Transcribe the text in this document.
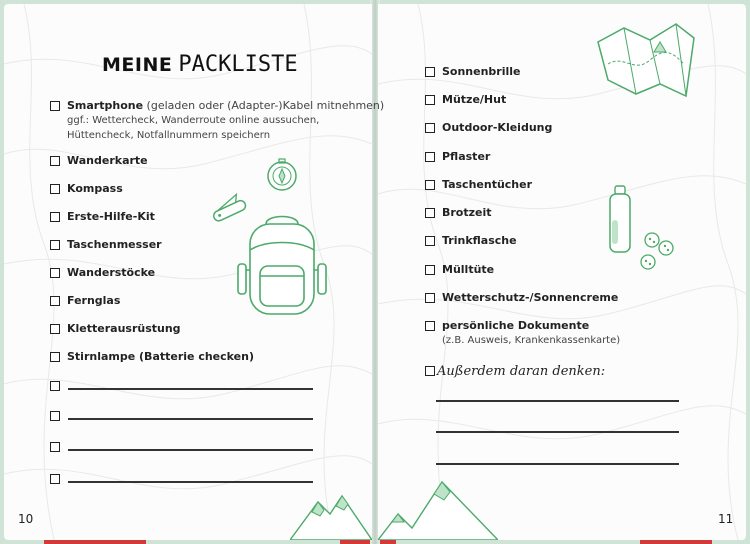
MEINE PACKLISTE
Smartphone (geladen oder (Adapter-)Kabel mitnehmen)
ggf.: Wettercheck, Wanderroute online aussuchen,
Hüttencheck, Notfallnummern speichern
Wanderkarte
Kompass
Erste-Hilfe-Kit
Taschenmesser
Wanderstöcke
Fernglas
Kletterausrüstung
Stirnlampe (Batterie checken)
Sonnenbrille
Mütze/Hut
Outdoor-Kleidung
Pflaster
Taschentücher
Brotzeit
Trinkflasche
Mülltüte
Wetterschutz-/Sonnencreme
persönliche Dokumente
(z.B. Ausweis, Krankenkassenkarte)
Außerdem daran denken:
10	11
